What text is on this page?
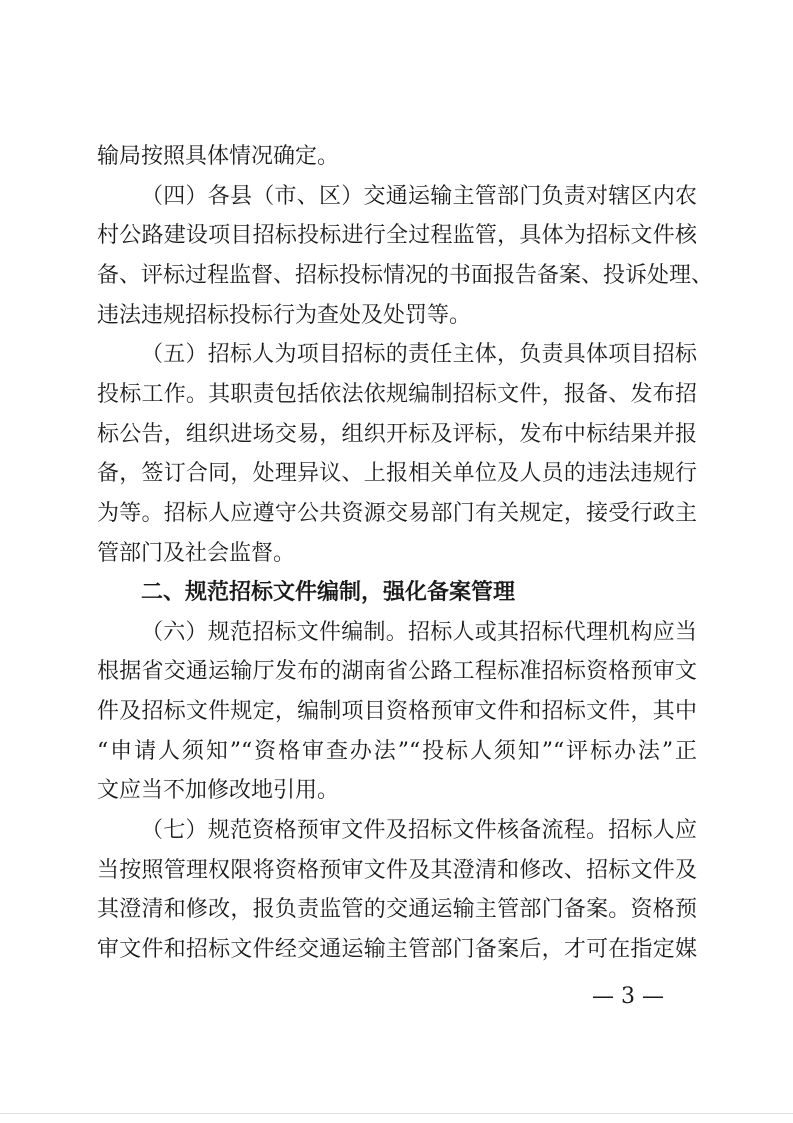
输局按照具体情况确定。
（四）各县（市、区）交通运输主管部门负责对辖区内农
村公路建设项目招标投标进行全过程监管，具体为招标文件核
备、评标过程监督、招标投标情况的书面报告备案、投诉处理、
违法违规招标投标行为查处及处罚等。
（五）招标人为项目招标的责任主体，负责具体项目招标
投标工作。其职责包括依法依规编制招标文件，报备、发布招
标公告，组织进场交易，组织开标及评标，发布中标结果并报
备，签订合同，处理异议、上报相关单位及人员的违法违规行
为等。招标人应遵守公共资源交易部门有关规定，接受行政主
管部门及社会监督。
二、规范招标文件编制，强化备案管理
（六）规范招标文件编制。招标人或其招标代理机构应当
根据省交通运输厅发布的湖南省公路工程标准招标资格预审文
件及招标文件规定，编制项目资格预审文件和招标文件，其中
“申请人须知”“资格审查办法”“投标人须知”“评标办法”正
文应当不加修改地引用。
（七）规范资格预审文件及招标文件核备流程。招标人应
当按照管理权限将资格预审文件及其澄清和修改、招标文件及
其澄清和修改，报负责监管的交通运输主管部门备案。资格预
审文件和招标文件经交通运输主管部门备案后，才可在指定媒
— 3 —
